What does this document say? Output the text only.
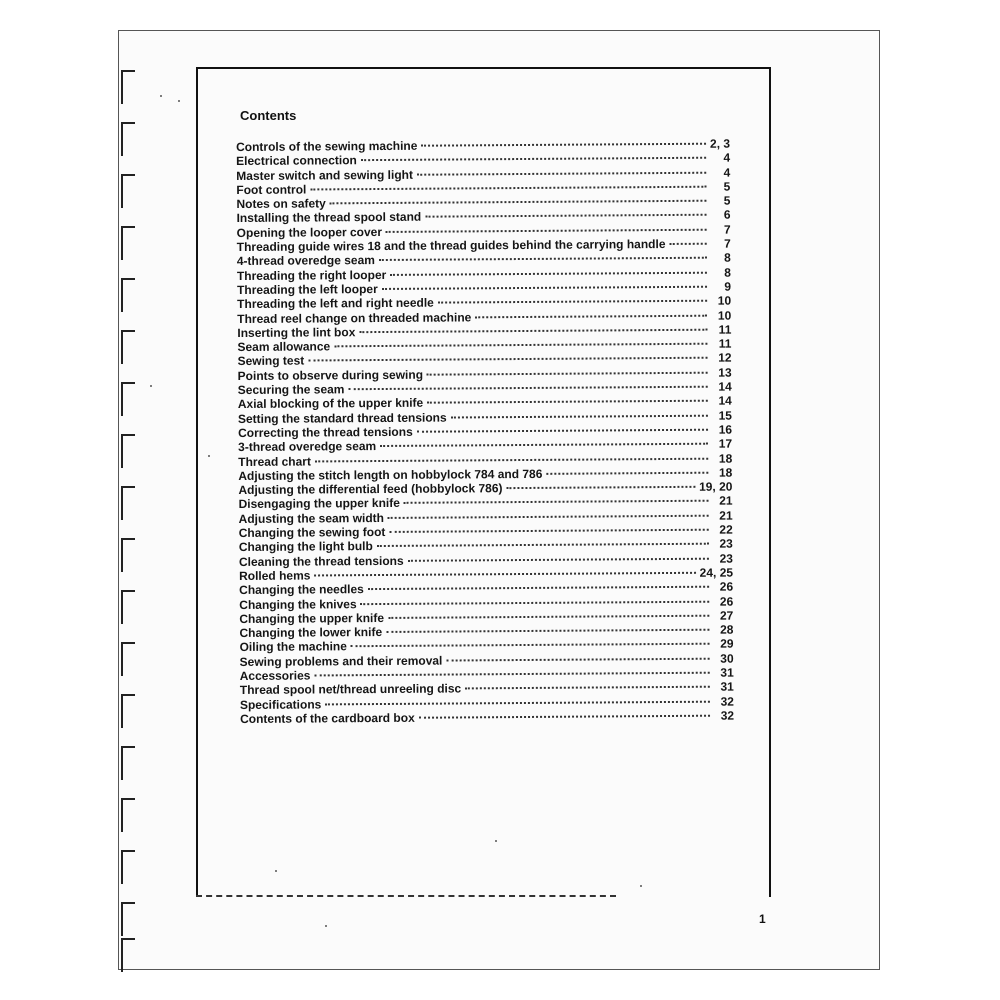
Contents
Controls of the sewing machine	2, 3
Electrical connection	4
Master switch and sewing light	4
Foot control	5
Notes on safety	5
Installing the thread spool stand	6
Opening the looper cover	7
Threading guide wires 18 and the thread guides behind the carrying handle	7
4-thread overedge seam	8
Threading the right looper	8
Threading the left looper	9
Threading the left and right needle	10
Thread reel change on threaded machine	10
Inserting the lint box	11
Seam allowance	11
Sewing test	12
Points to observe during sewing	13
Securing the seam	14
Axial blocking of the upper knife	14
Setting the standard thread tensions	15
Correcting the thread tensions	16
3-thread overedge seam	17
Thread chart	18
Adjusting the stitch length on hobbylock 784 and 786	18
Adjusting the differential feed (hobbylock 786)	19, 20
Disengaging the upper knife	21
Adjusting the seam width	21
Changing the sewing foot	22
Changing the light bulb	23
Cleaning the thread tensions	23
Rolled hems	24, 25
Changing the needles	26
Changing the knives	26
Changing the upper knife	27
Changing the lower knife	28
Oiling the machine	29
Sewing problems and their removal	30
Accessories	31
Thread spool net/thread unreeling disc	31
Specifications	32
Contents of the cardboard box	32
1
